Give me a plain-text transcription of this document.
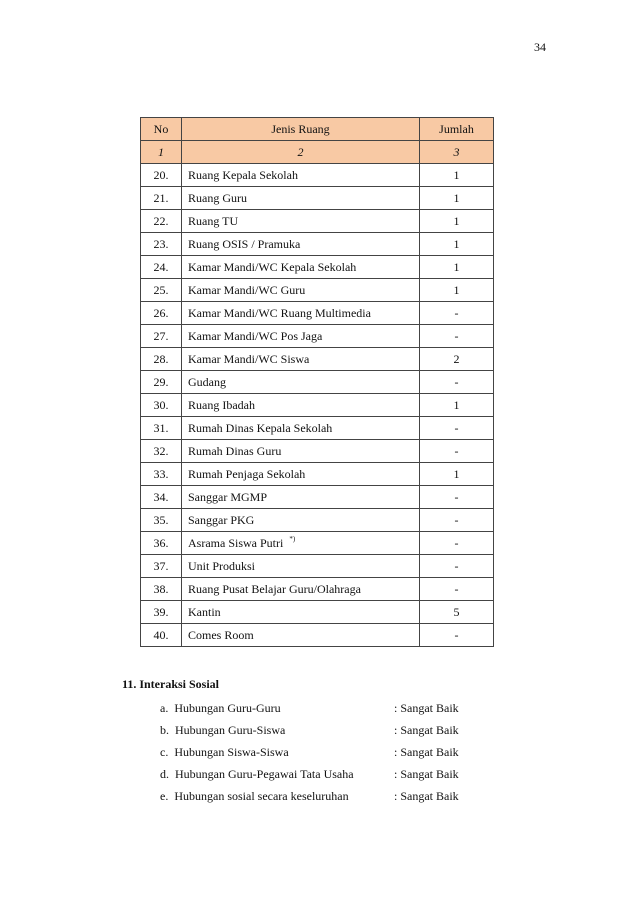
34
No	Jenis Ruang	Jumlah
1	2	3
20.	Ruang Kepala Sekolah	1
21.	Ruang Guru	1
22.	Ruang TU	1
23.	Ruang OSIS / Pramuka	1
24.	Kamar Mandi/WC Kepala Sekolah	1
25.	Kamar Mandi/WC Guru	1
26.	Kamar Mandi/WC Ruang Multimedia	-
27.	Kamar Mandi/WC Pos Jaga	-
28.	Kamar Mandi/WC Siswa	2
29.	Gudang	-
30.	Ruang Ibadah	1
31.	Rumah Dinas Kepala Sekolah	-
32.	Rumah Dinas Guru	-
33.	Rumah Penjaga Sekolah	1
34.	Sanggar MGMP	-
35.	Sanggar PKG	-
36.	Asrama Siswa Putri *)	-
37.	Unit Produksi	-
38.	Ruang Pusat Belajar Guru/Olahraga	-
39.	Kantin	5
40.	Comes Room	-
11. Interaksi Sosial
a.  Hubungan Guru-Guru	: Sangat Baik
b.  Hubungan Guru-Siswa	: Sangat Baik
c.  Hubungan Siswa-Siswa	: Sangat Baik
d.  Hubungan Guru-Pegawai Tata Usaha	: Sangat Baik
e.  Hubungan sosial secara keseluruhan	: Sangat Baik
